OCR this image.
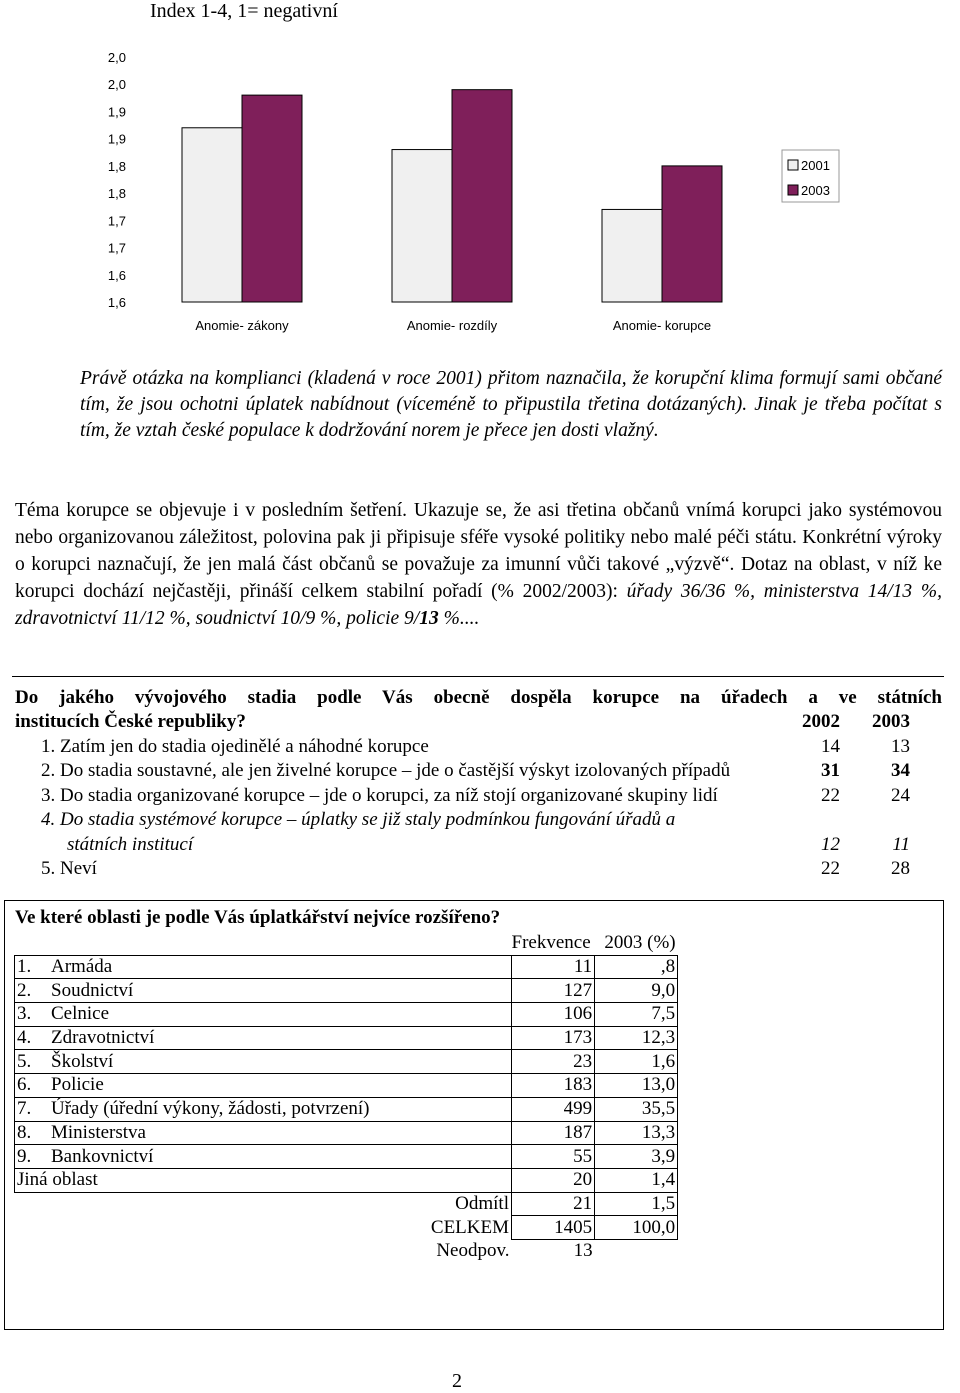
Index 1-4, 1= negativní
2,0
2,0
1,9
1,9
1,8
1,8
1,7
1,7
1,6
1,6
Anomie- zákony	Anomie- rozdíly	Anomie- korupce
2001
2003
Právě otázka na komplianci (kladená v roce 2001) přitom naznačila, že korupční klima formují sami občané tím, že jsou ochotni úplatek nabídnout (víceméně to připustila třetina dotázaných). Jinak je třeba počítat s tím, že vztah české populace k dodržování norem je přece jen dosti vlažný.
Téma korupce se objevuje i v posledním šetření. Ukazuje se, že asi třetina občanů vnímá korupci jako systémovou nebo organizovanou záležitost, polovina pak ji připisuje sféře vysoké politiky nebo malé péči státu. Konkrétní výroky o korupci naznačují, že jen malá část občanů se považuje za imunní vůči takové „výzvě“. Dotaz na oblast, v níž ke korupci dochází nejčastěji, přináší celkem stabilní pořadí (% 2002/2003): úřady 36/36 %, ministerstva 14/13 %, zdravotnictví 11/12 %, soudnictví 10/9 %, policie 9/13 %....
Do jakého vývojového stadia podle Vás obecně dospěla korupce na úřadech a ve státních
institucích České republiky?	2002	2003
1. Zatím jen do stadia ojedinělé a náhodné korupce	14	13
2. Do stadia soustavné, ale jen živelné korupce – jde o častější výskyt izolovaných případů	31	34
3. Do stadia organizované korupce – jde o korupci, za níž stojí organizované skupiny lidí	22	24
4. Do stadia systémové korupce – úplatky se již staly podmínkou fungování úřadů a
státních institucí	12	11
5. Neví	22	28
Ve které oblasti je podle Vás úplatkářství nejvíce rozšířeno?
	Frekvence	2003 (%)
1. Armáda	11	,8
2. Soudnictví	127	9,0
3. Celnice	106	7,5
4. Zdravotnictví	173	12,3
5. Školství	23	1,6
6. Policie	183	13,0
7. Úřady (úřední výkony, žádosti, potvrzení)	499	35,5
8. Ministerstva	187	13,3
9. Bankovnictví	55	3,9
Jiná oblast	20	1,4
Odmítl	21	1,5
CELKEM	1405	100,0
Neodpov.	13	
2
